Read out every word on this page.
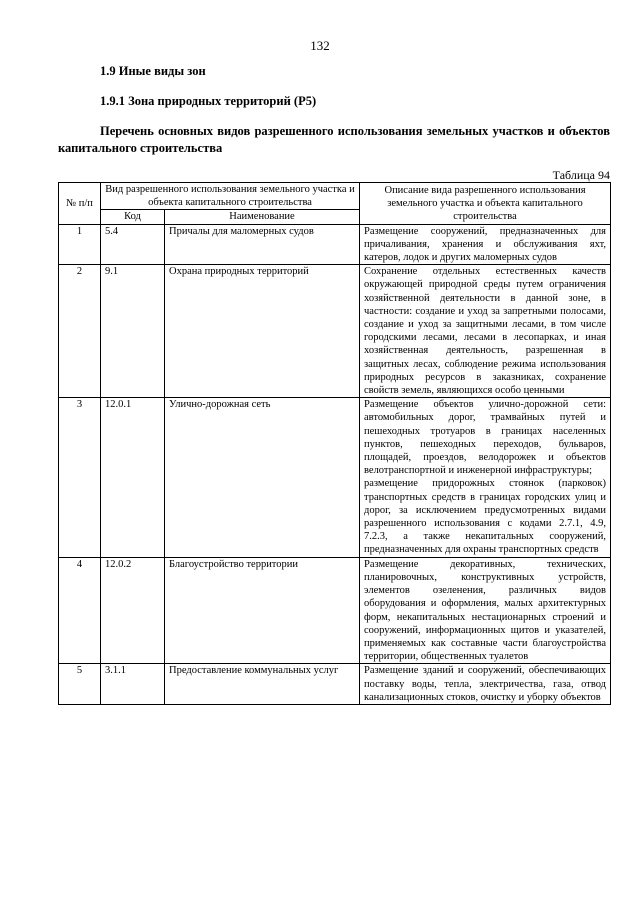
132
1.9 Иные виды зон
1.9.1 Зона природных территорий (Р5)
Перечень основных видов разрешенного использования земельных участков и объектов капитального строительства
Таблица 94
№ п/п	Вид разрешенного использования земельного участка и объекта капитального строительства		Описание вида разрешенного использования земельного участка и объекта капитального строительства
	Код	Наименование	
1	5.4	Причалы для маломерных судов	Размещение сооружений, предназначенных для причаливания, хранения и обслуживания яхт, катеров, лодок и других маломерных судов
2	9.1	Охрана природных территорий	Сохранение отдельных естественных качеств окружающей природной среды путем ограничения хозяйственной деятельности в данной зоне, в частности: создание и уход за запретными полосами, создание и уход за защитными лесами, в том числе городскими лесами, лесами в лесопарках, и иная хозяйственная деятельность, разрешенная в защитных лесах, соблюдение режима использования природных ресурсов в заказниках, сохранение свойств земель, являющихся особо ценными
3	12.0.1	Улично-дорожная сеть	Размещение объектов улично-дорожной сети: автомобильных дорог, трамвайных путей и пешеходных тротуаров в границах населенных пунктов, пешеходных переходов, бульваров, площадей, проездов, велодорожек и объектов велотранспортной и инженерной инфраструктуры;
размещение придорожных стоянок (парковок) транспортных средств в границах городских улиц и дорог, за исключением предусмотренных видами разрешенного использования с кодами 2.7.1, 4.9, 7.2.3, а также некапитальных сооружений, предназначенных для охраны транспортных средств

4	12.0.2	Благоустройство территории	Размещение декоративных, технических, планировочных, конструктивных устройств, элементов озеленения, различных видов оборудования и оформления, малых архитектурных форм, некапитальных нестационарных строений и сооружений, информационных щитов и указателей, применяемых как составные части благоустройства территории, общественных туалетов
5	3.1.1	Предоставление коммунальных услуг	Размещение зданий и сооружений, обеспечивающих поставку воды, тепла, электричества, газа, отвод канализационных стоков, очистку и уборку объектов
